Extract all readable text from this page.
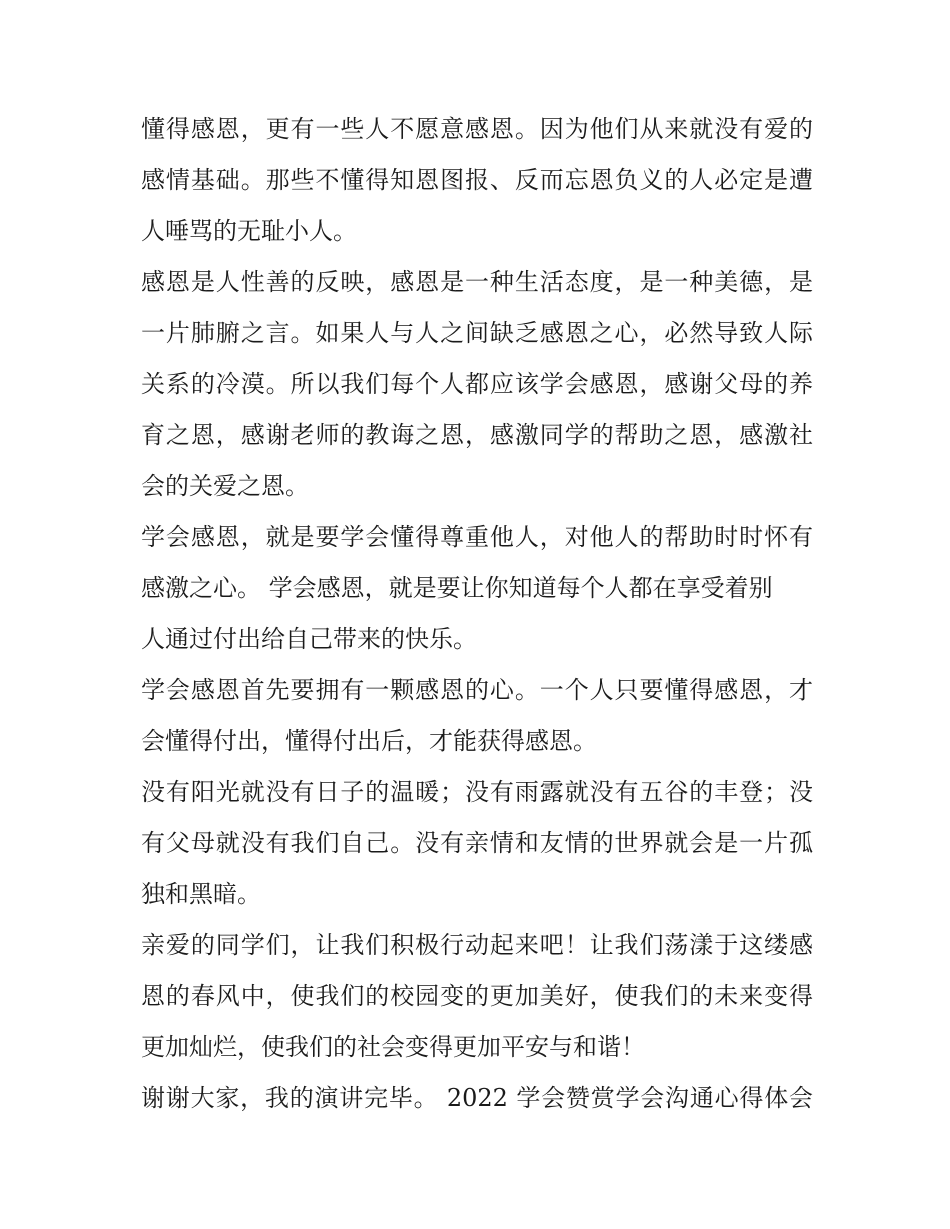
懂得感恩，更有一些人不愿意感恩。因为他们从来就没有爱的
感情基础。那些不懂得知恩图报、反而忘恩负义的人必定是遭
人唾骂的无耻小人。
感恩是人性善的反映，感恩是一种生活态度，是一种美德，是
一片肺腑之言。如果人与人之间缺乏感恩之心，必然导致人际
关系的冷漠。所以我们每个人都应该学会感恩，感谢父母的养
育之恩，感谢老师的教诲之恩，感激同学的帮助之恩，感激社
会的关爱之恩。
学会感恩，就是要学会懂得尊重他人，对他人的帮助时时怀有
感激之心。 学会感恩，就是要让你知道每个人都在享受着别
人通过付出给自己带来的快乐。
学会感恩首先要拥有一颗感恩的心。一个人只要懂得感恩，才
会懂得付出，懂得付出后，才能获得感恩。
没有阳光就没有日子的温暖；没有雨露就没有五谷的丰登；没
有父母就没有我们自己。没有亲情和友情的世界就会是一片孤
独和黑暗。
亲爱的同学们，让我们积极行动起来吧！让我们荡漾于这缕感
恩的春风中，使我们的校园变的更加美好，使我们的未来变得
更加灿烂，使我们的社会变得更加平安与和谐！
谢谢大家，我的演讲完毕。 2022 学会赞赏学会沟通心得体会
